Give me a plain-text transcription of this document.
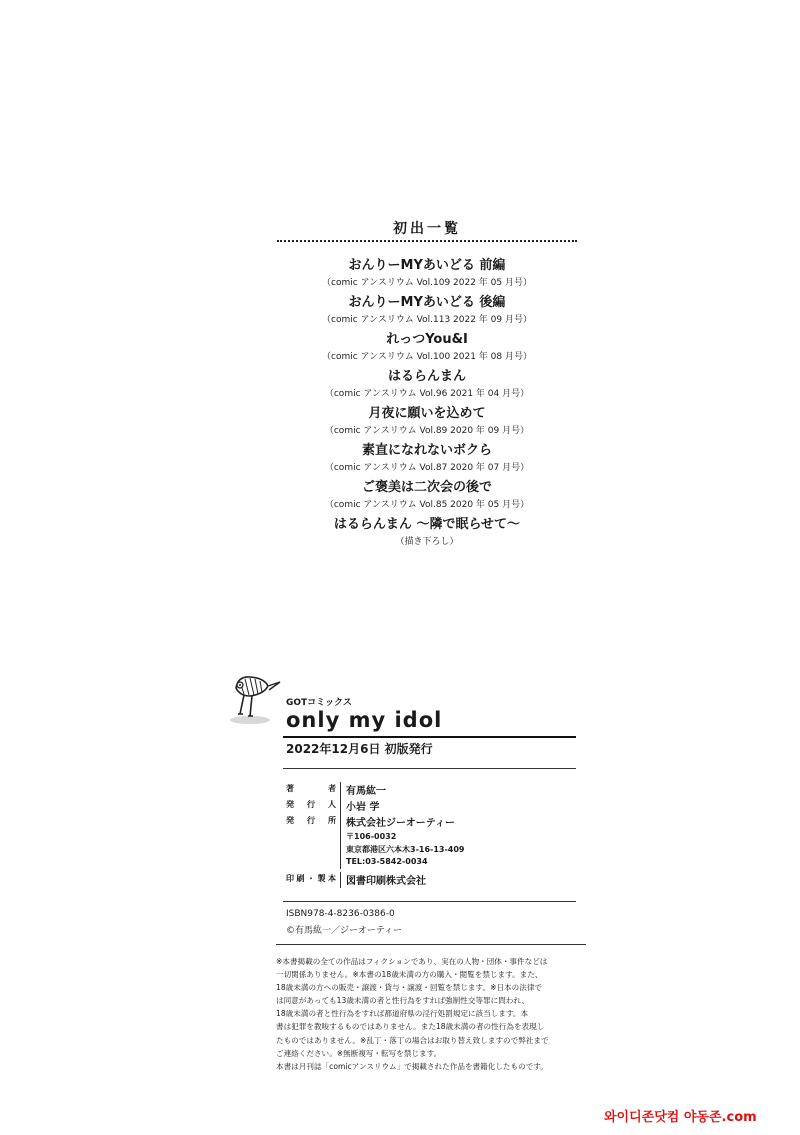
初出一覧
おんりーMYあいどる 前編
（comic アンスリウム Vol.109 2022 年 05 月号）
おんりーMYあいどる 後編
（comic アンスリウム Vol.113 2022 年 09 月号）
れっつYou&I
（comic アンスリウム Vol.100 2021 年 08 月号）
はるらんまん
（comic アンスリウム Vol.96 2021 年 04 月号）
月夜に願いを込めて
（comic アンスリウム Vol.89 2020 年 09 月号）
素直になれないボクら
（comic アンスリウム Vol.87 2020 年 07 月号）
ご褒美は二次会の後で
（comic アンスリウム Vol.85 2020 年 05 月号）
はるらんまん 〜隣で眠らせて〜
（描き下ろし）
GOTコミックス
only my idol
2022年12月6日 初版発行
著者 有馬紘一
発行人 小岩 学
発行所 株式会社ジーオーティー
〒106-0032
東京都港区六本木3-16-13-409
TEL:03-5842-0034
印刷・製本 図書印刷株式会社
ISBN978-4-8236-0386-0
©有馬紘一／ジーオーティー
※本書掲載の全ての作品はフィクションであり、実在の人物・団体・事件などは
一切関係ありません。※本書の18歳未満の方の購入・閲覧を禁じます。また、
18歳未満の方への販売・譲渡・貸与・譲渡・回覧を禁じます。※日本の法律で
は同意があっても13歳未満の者と性行為をすれば強制性交等罪に問われ、
18歳未満の者と性行為をすれば都道府県の淫行処罰規定に該当します。本
書は犯罪を教唆するものではありません。また18歳未満の者の性行為を表現し
たものではありません。※乱丁・落丁の場合はお取り替え致しますので弊社まで
ご連絡ください。※無断複写・転写を禁じます。
本書は月刊誌「comicアンスリウム」で掲載された作品を書籍化したものです。
와이디존닷컴 야동존.com
